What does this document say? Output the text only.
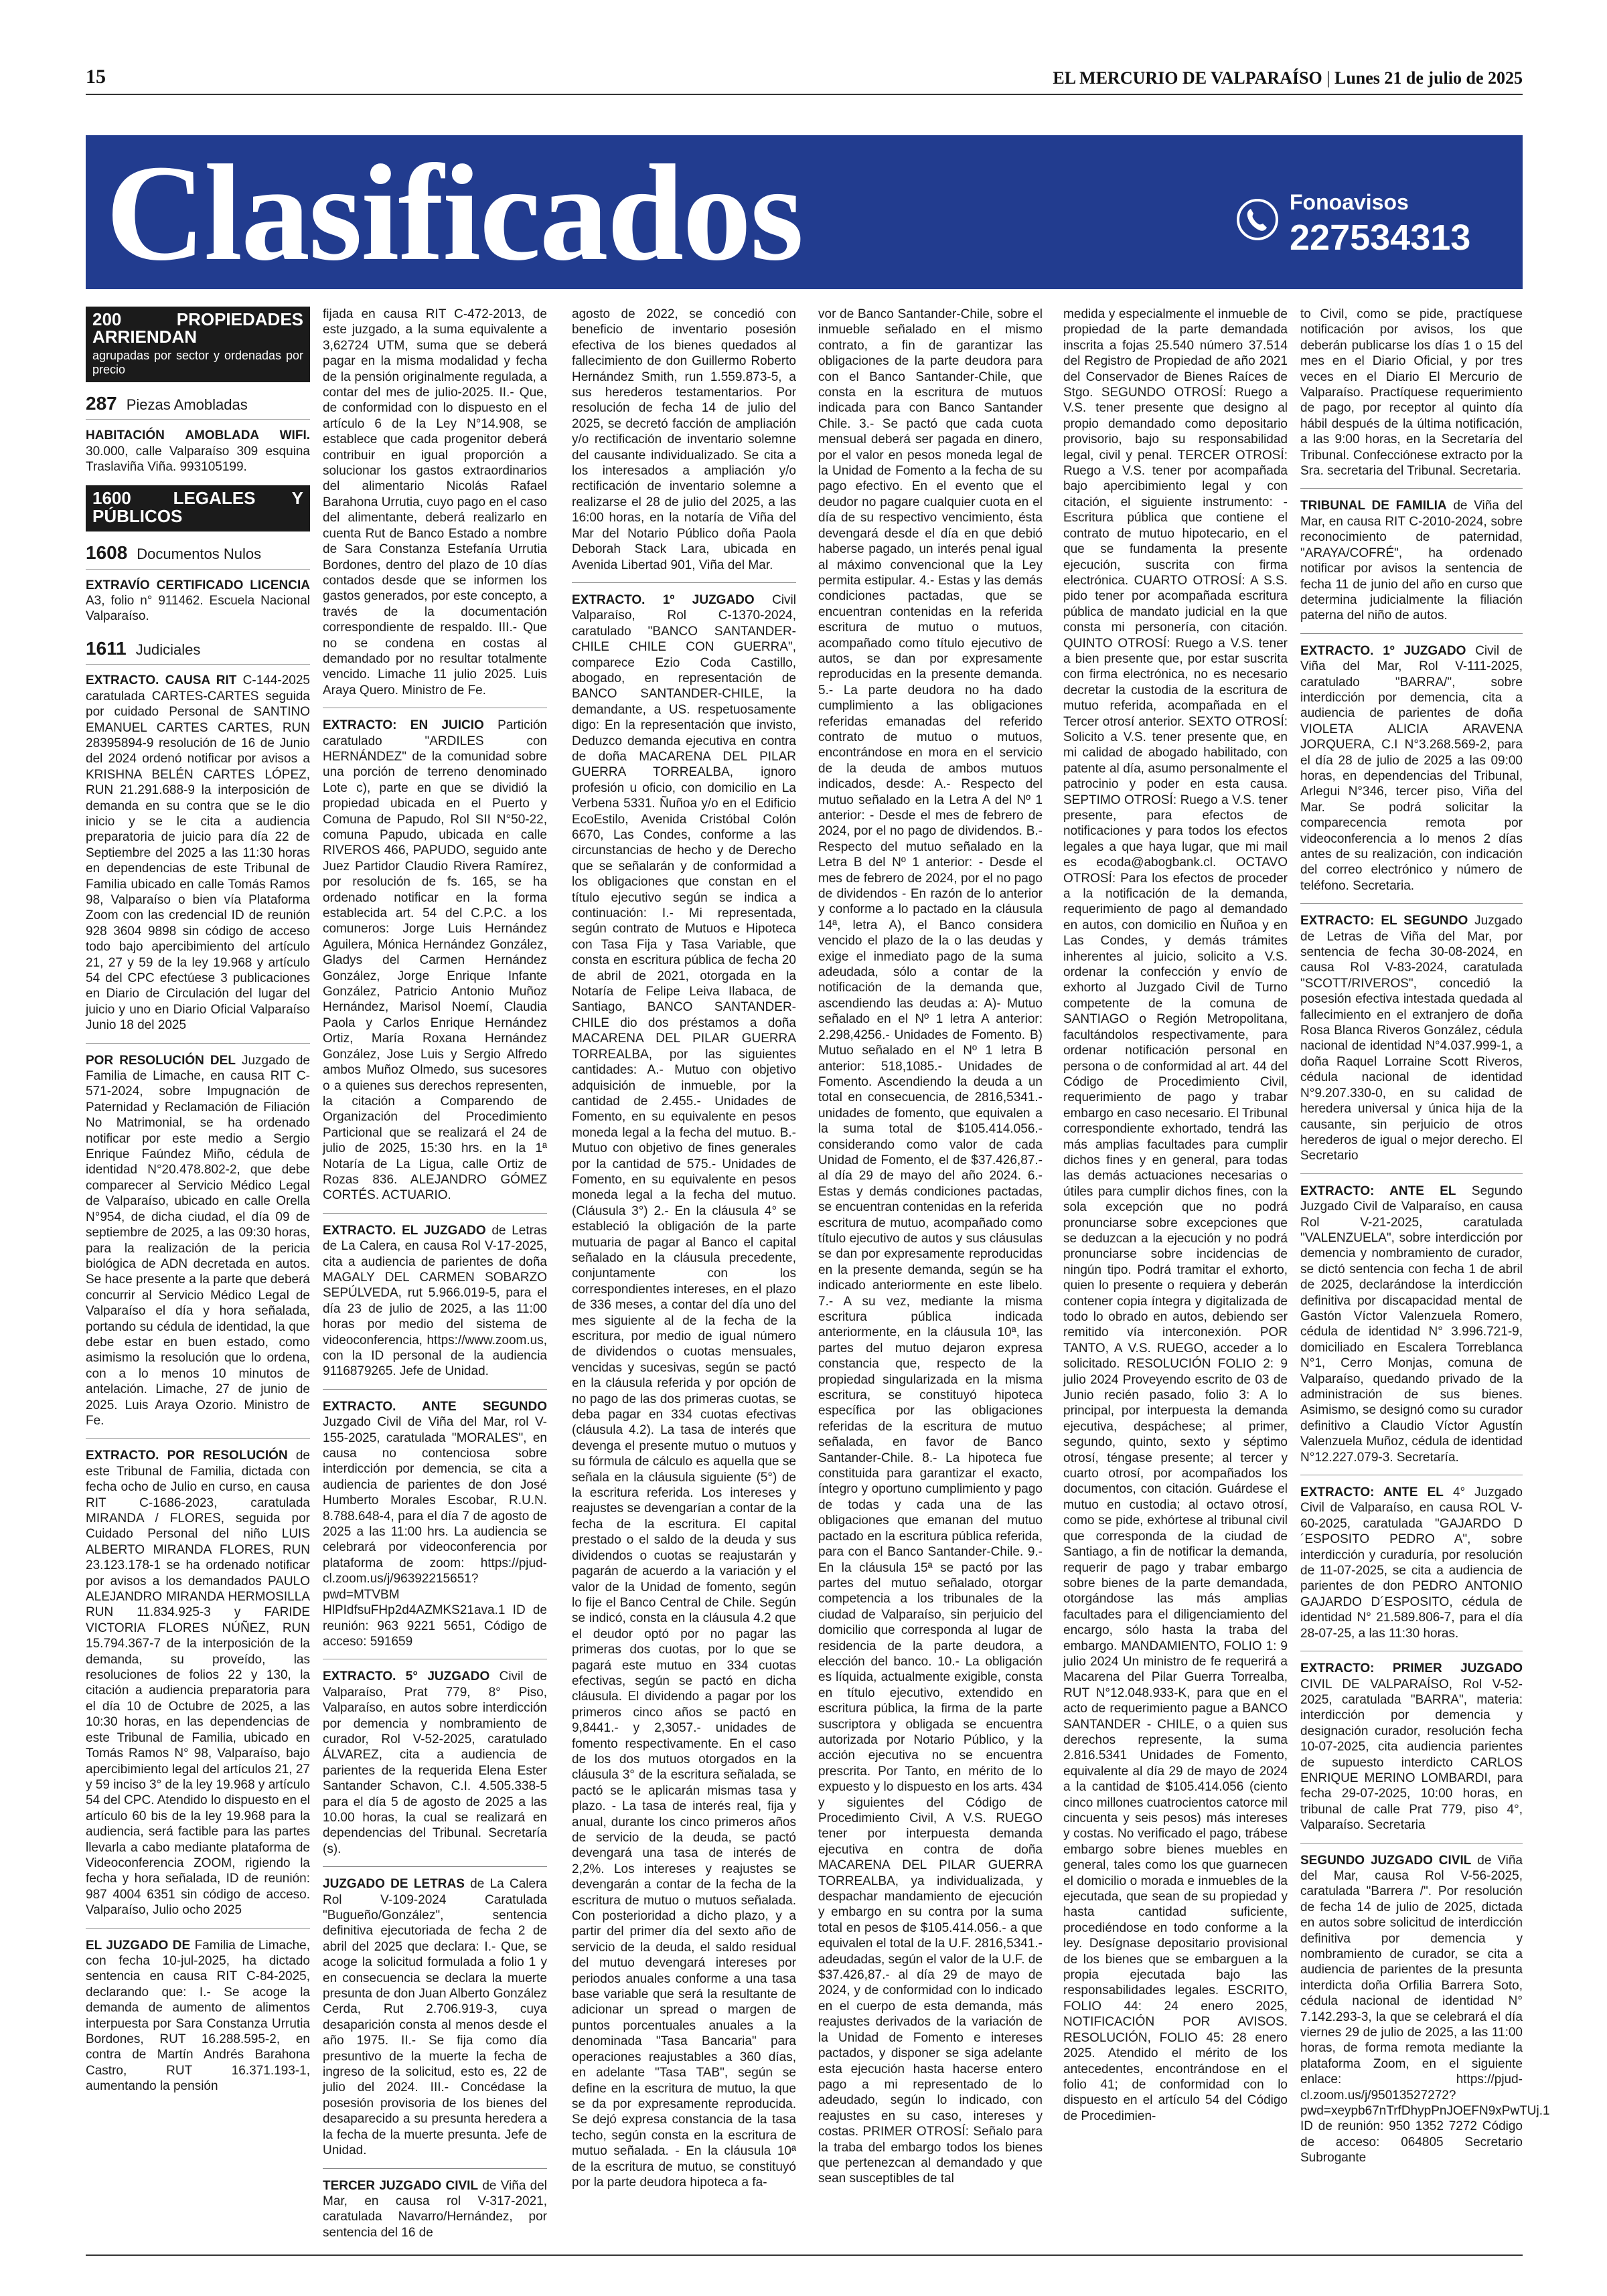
15	EL MERCURIO DE VALPARAÍSO | Lunes 21 de julio de 2025
Clasificados	Fonoavisos
227534313
200	PROPIEDADES ARRIENDAN
agrupadas por sector y ordenadas por precio
287 Piezas Amobladas
HABITACIÓN AMOBLADA WIFI. 30.000, calle Valparaíso 309 esquina Traslaviña Viña. 993105199.
1600 LEGALES Y PÚBLICOS
1608 Documentos Nulos
EXTRAVÍO CERTIFICADO LICENCIA A3, folio n° 911462. Escuela Nacional Valparaíso.
1611 Judiciales

EXTRACTO. CAUSA RIT C-144-2025 caratulada CARTES-CARTES seguida por cuidado Personal de SANTINO EMANUEL CARTES CARTES, RUN 28395894-9 resolución de 16 de Junio del 2024 ordenó notificar por avisos a KRISHNA BELÉN CARTES LÓPEZ, RUN 21.291.688-9 la interposición de demanda en su contra que se le dio inicio y se le cita a audiencia preparatoria de juicio para día 22 de Septiembre del 2025 a las 11:30 horas en dependencias de este Tribunal de Familia ubicado en calle Tomás Ramos 98, Valparaíso o bien vía Plataforma Zoom con las credencial ID de reunión 928 3604 9898 sin código de acceso todo bajo apercibimiento del artículo 21, 27 y 59 de la ley 19.968 y artículo 54 del CPC efectúese 3 publicaciones en Diario de Circulación del lugar del juicio y uno en Diario Oficial Valparaíso Junio 18 del 2025

POR RESOLUCIÓN DEL Juzgado de Familia de Limache, en causa RIT C-571-2024, sobre Impugnación de Paternidad y Reclamación de Filiación No Matrimonial, se ha ordenado notificar por este medio a Sergio Enrique Faúndez Miño, cédula de identidad N°20.478.802-2, que debe comparecer al Servicio Médico Legal de Valparaíso, ubicado en calle Orella N°954, de dicha ciudad, el día 09 de septiembre de 2025, a las 09:30 horas, para la realización de la pericia biológica de ADN decretada en autos. Se hace presente a la parte que deberá concurrir al Servicio Médico Legal de Valparaíso el día y hora señalada, portando su cédula de identidad, la que debe estar en buen estado, como asimismo la resolución que lo ordena, con a lo menos 10 minutos de antelación. Limache, 27 de junio de 2025. Luis Araya Ozorio. Ministro de Fe.

EXTRACTO. POR RESOLUCIÓN de este Tribunal de Familia, dictada con fecha ocho de Julio en curso, en causa RIT C-1686-2023, caratulada MIRANDA / FLORES, seguida por Cuidado Personal del niño LUIS ALBERTO MIRANDA FLORES, RUN 23.123.178-1 se ha ordenado notificar por avisos a los demandados PAULO ALEJANDRO MIRANDA HERMOSILLA RUN 11.834.925-3 y FARIDE VICTORIA FLORES NÚÑEZ, RUN 15.794.367-7 de la interposición de la demanda, su proveído, las resoluciones de folios 22 y 130, la citación a audiencia preparatoria para el día 10 de Octubre de 2025, a las 10:30 horas, en las dependencias de este Tribunal de Familia, ubicado en Tomás Ramos N° 98, Valparaíso, bajo apercibimiento legal del artículos 21, 27 y 59 inciso 3° de la ley 19.968 y artículo 54 del CPC. Atendido lo dispuesto en el artículo 60 bis de la ley 19.968 para la audiencia, será factible para las partes llevarla a cabo mediante plataforma de Videoconferencia ZOOM, rigiendo la fecha y hora señalada, ID de reunión: 987 4004 6351 sin código de acceso. Valparaíso, Julio ocho 2025

EL JUZGADO DE Familia de Limache, con fecha 10-jul-2025, ha dictado sentencia en causa RIT C-84-2025, declarando que: I.- Se acoge la demanda de aumento de alimentos interpuesta por Sara Constanza Urrutia Bordones, RUT 16.288.595-2, en contra de Martín Andrés Barahona Castro, RUT 16.371.193-1, aumentando la pensión

fijada en causa RIT C-472-2013, de este juzgado, a la suma equivalente a 3,62724 UTM, suma que se deberá pagar en la misma modalidad y fecha de la pensión originalmente regulada, a contar del mes de julio-2025. II.- Que, de conformidad con lo dispuesto en el artículo 6 de la Ley N°14.908, se establece que cada progenitor deberá contribuir en igual proporción a solucionar los gastos extraordinarios del alimentario Nicolás Rafael Barahona Urrutia, cuyo pago en el caso del alimentante, deberá realizarlo en cuenta Rut de Banco Estado a nombre de Sara Constanza Estefanía Urrutia Bordones, dentro del plazo de 10 días contados desde que se informen los gastos generados, por este concepto, a través de la documentación correspondiente de respaldo. III.- Que no se condena en costas al demandado por no resultar totalmente vencido. Limache 11 julio 2025. Luis Araya Quero. Ministro de Fe.

EXTRACTO: EN JUICIO Partición caratulado "ARDILES con HERNÁNDEZ" de la comunidad sobre una porción de terreno denominado Lote c), parte en que se dividió la propiedad ubicada en el Puerto y Comuna de Papudo, Rol SII N°50-22, comuna Papudo, ubicada en calle RIVEROS 466, PAPUDO, seguido ante Juez Partidor Claudio Rivera Ramírez, por resolución de fs. 165, se ha ordenado notificar en la forma establecida art. 54 del C.P.C. a los comuneros: Jorge Luis Hernández Aguilera, Mónica Hernández González, Gladys del Carmen Hernández González, Jorge Enrique Infante González, Patricio Antonio Muñoz Hernández, Marisol Noemí, Claudia Paola y Carlos Enrique Hernández Ortiz, María Roxana Hernández González, Jose Luis y Sergio Alfredo ambos Muñoz Olmedo, sus sucesores o a quienes sus derechos representen, la citación a Comparendo de Organización del Procedimiento Particional que se realizará el 24 de julio de 2025, 15:30 hrs. en la 1ª Notaría de La Ligua, calle Ortiz de Rozas 836. ALEJANDRO GÓMEZ CORTÉS. ACTUARIO.

EXTRACTO. EL JUZGADO de Letras de La Calera, en causa Rol V-17-2025, cita a audiencia de parientes de doña MAGALY DEL CARMEN SOBARZO SEPÚLVEDA, rut 5.966.019-5, para el día 23 de julio de 2025, a las 11:00 horas por medio del sistema de videoconferencia, https://www.zoom.us, con la ID personal de la audiencia 9116879265. Jefe de Unidad.

EXTRACTO. ANTE SEGUNDO Juzgado Civil de Viña del Mar, rol V-155-2025, caratulada "MORALES", en causa no contenciosa sobre interdicción por demencia, se cita a audiencia de parientes de don José Humberto Morales Escobar, R.U.N. 8.788.648-4, para el día 7 de agosto de 2025 a las 11:00 hrs. La audiencia se celebrará por videoconferencia por plataforma de zoom: https://pjud-cl.zoom.us/j/96392215651?pwd=MTVBM HlPIdfsuFHp2d4AZMKS21ava.1 ID de reunión: 963 9221 5651, Código de acceso: 591659

EXTRACTO. 5° JUZGADO Civil de Valparaíso, Prat 779, 8° Piso, Valparaíso, en autos sobre interdicción por demencia y nombramiento de curador, Rol V-52-2025, caratulado ÁLVAREZ, cita a audiencia de parientes de la requerida Elena Ester Santander Schavon, C.I. 4.505.338-5 para el día 5 de agosto de 2025 a las 10.00 horas, la cual se realizará en dependencias del Tribunal. Secretaría (s).

JUZGADO DE LETRAS de La Calera Rol V-109-2024 Caratulada "Bugueño/González", sentencia definitiva ejecutoriada de fecha 2 de abril del 2025 que declara: I.- Que, se acoge la solicitud formulada a folio 1 y en consecuencia se declara la muerte presunta de don Juan Alberto González Cerda, Rut 2.706.919-3, cuya desaparición consta al menos desde el año 1975. II.- Se fija como día presuntivo de la muerte la fecha de ingreso de la solicitud, esto es, 22 de julio del 2024. III.- Concédase la posesión provisoria de los bienes del desaparecido a su presunta heredera a la fecha de la muerte presunta. Jefe de Unidad.

TERCER JUZGADO CIVIL de Viña del Mar, en causa rol V-317-2021, caratulada Navarro/Hernández, por sentencia del 16 de

agosto de 2022, se concedió con beneficio de inventario posesión efectiva de los bienes quedados al fallecimiento de don Guillermo Roberto Hernández Smith, run 1.559.873-5, a sus herederos testamentarios. Por resolución de fecha 14 de julio del 2025, se decretó facción de ampliación y/o rectificación de inventario solemne del causante individualizado. Se cita a los interesados a ampliación y/o rectificación de inventario solemne a realizarse el 28 de julio del 2025, a las 16:00 horas, en la notaría de Viña del Mar del Notario Público doña Paola Deborah Stack Lara, ubicada en Avenida Libertad 901, Viña del Mar.

EXTRACTO. 1º JUZGADO Civil Valparaíso, Rol C-1370-2024, caratulado "BANCO SANTANDER-CHILE CHILE CON GUERRA", comparece Ezio Coda Castillo, abogado, en representación de BANCO SANTANDER-CHILE, la demandante, a US. respetuosamente digo: En la representación que invisto, Deduzco demanda ejecutiva en contra de doña MACARENA DEL PILAR GUERRA TORREALBA, ignoro profesión u oficio, con domicilio en La Verbena 5331. Ñuñoa y/o en el Edificio EcoEstilo, Avenida Cristóbal Colón 6670, Las Condes, conforme a las circunstancias de hecho y de Derecho que se señalarán y de conformidad a los obligaciones que constan en el título ejecutivo según se indica a continuación: I.- Mi representada, según contrato de Mutuos e Hipoteca con Tasa Fija y Tasa Variable, que consta en escritura pública de fecha 20 de abril de 2021, otorgada en la Notaría de Felipe Leiva Ilabaca, de Santiago, BANCO SANTANDER-CHILE dio dos préstamos a doña MACARENA DEL PILAR GUERRA TORREALBA, por las siguientes cantidades: A.- Mutuo con objetivo adquisición de inmueble, por la cantidad de 2.455.- Unidades de Fomento, en su equivalente en pesos moneda legal a la fecha del mutuo. B.- Mutuo con objetivo de fines generales por la cantidad de 575.- Unidades de Fomento, en su equivalente en pesos moneda legal a la fecha del mutuo. (Cláusula 3°) 2.- En la cláusula 4° se estableció la obligación de la parte mutuaria de pagar al Banco el capital señalado en la cláusula precedente, conjuntamente con los correspondientes intereses, en el plazo de 336 meses, a contar del día uno del mes siguiente al de la fecha de la escritura, por medio de igual número de dividendos o cuotas mensuales, vencidas y sucesivas, según se pactó en la cláusula referida y por opción de no pago de las dos primeras cuotas, se deba pagar en 334 cuotas efectivas (cláusula 4.2). La tasa de interés que devenga el presente mutuo o mutuos y su fórmula de cálculo es aquella que se señala en la cláusula siguiente (5°) de la escritura referida. Los intereses y reajustes se devengarían a contar de la fecha de la escritura. El capital prestado o el saldo de la deuda y sus dividendos o cuotas se reajustarán y pagarán de acuerdo a la variación y el valor de la Unidad de fomento, según lo fije el Banco Central de Chile. Según se indicó, consta en la cláusula 4.2 que el deudor optó por no pagar las primeras dos cuotas, por lo que se pagará este mutuo en 334 cuotas efectivas, según se pactó en dicha cláusula. El dividendo a pagar por los primeros cinco años se pactó en 9,8441.- y 2,3057.- unidades de fomento respectivamente. En el caso de los dos mutuos otorgados en la cláusula 3° de la escritura señalada, se pactó se le aplicarán mismas tasa y plazo. - La tasa de interés real, fija y anual, durante los cinco primeros años de servicio de la deuda, se pactó devengará una tasa de interés de 2,2%. Los intereses y reajustes se devengarán a contar de la fecha de la escritura de mutuo o mutuos señalada. Con posterioridad a dicho plazo, y a partir del primer día del sexto año de servicio de la deuda, el saldo residual del mutuo devengará intereses por periodos anuales conforme a una tasa base variable que será la resultante de adicionar un spread o margen de puntos porcentuales anuales a la denominada "Tasa Bancaria" para operaciones reajustables a 360 días, en adelante "Tasa TAB", según se define en la escritura de mutuo, la que se da por expresamente reproducida. Se dejó expresa constancia de la tasa techo, según consta en la escritura de mutuo señalada. - En la cláusula 10ª de la escritura de mutuo, se constituyó por la parte deudora hipoteca a fa-

vor de Banco Santander-Chile, sobre el inmueble señalado en el mismo contrato, a fin de garantizar las obligaciones de la parte deudora para con el Banco Santander-Chile, que consta en la escritura de mutuos indicada para con Banco Santander Chile. 3.- Se pactó que cada cuota mensual deberá ser pagada en dinero, por el valor en pesos moneda legal de la Unidad de Fomento a la fecha de su pago efectivo. En el evento que el deudor no pagare cualquier cuota en el día de su respectivo vencimiento, ésta devengará desde el día en que debió haberse pagado, un interés penal igual al máximo convencional que la Ley permita estipular. 4.- Estas y las demás condiciones pactadas, que se encuentran contenidas en la referida escritura de mutuo o mutuos, acompañado como título ejecutivo de autos, se dan por expresamente reproducidas en la presente demanda. 5.- La parte deudora no ha dado cumplimiento a las obligaciones referidas emanadas del referido contrato de mutuo o mutuos, encontrándose en mora en el servicio de la deuda de ambos mutuos indicados, desde: A.- Respecto del mutuo señalado en la Letra A del Nº 1 anterior: - Desde el mes de febrero de 2024, por el no pago de dividendos. B.- Respecto del mutuo señalado en la Letra B del Nº 1 anterior: - Desde el mes de febrero de 2024, por el no pago de dividendos - En razón de lo anterior y conforme a lo pactado en la cláusula 14ª, letra A), el Banco considera vencido el plazo de la o las deudas y exige el inmediato pago de la suma adeudada, sólo a contar de la notificación de la demanda que, ascendiendo las deudas a: A)- Mutuo señalado en el Nº 1 letra A anterior: 2.298,4256.- Unidades de Fomento. B) Mutuo señalado en el Nº 1 letra B anterior: 518,1085.- Unidades de Fomento. Ascendiendo la deuda a un total en consecuencia, de 2816,5341.- unidades de fomento, que equivalen a la suma total de $105.414.056.- considerando como valor de cada Unidad de Fomento, el de $37.426,87.- al día 29 de mayo del año 2024. 6.- Estas y demás condiciones pactadas, se encuentran contenidas en la referida escritura de mutuo, acompañado como título ejecutivo de autos y sus cláusulas se dan por expresamente reproducidas en la presente demanda, según se ha indicado anteriormente en este libelo. 7.- A su vez, mediante la misma escritura pública indicada anteriormente, en la cláusula 10ª, las partes del mutuo dejaron expresa constancia que, respecto de la propiedad singularizada en la misma escritura, se constituyó hipoteca específica por las obligaciones referidas de la escritura de mutuo señalada, en favor de Banco Santander-Chile. 8.- La hipoteca fue constituida para garantizar el exacto, íntegro y oportuno cumplimiento y pago de todas y cada una de las obligaciones que emanan del mutuo pactado en la escritura pública referida, para con el Banco Santander-Chile. 9.- En la cláusula 15ª se pactó por las partes del mutuo señalado, otorgar competencia a los tribunales de la ciudad de Valparaíso, sin perjuicio del domicilio que corresponda al lugar de residencia de la parte deudora, a elección del banco. 10.- La obligación es líquida, actualmente exigible, consta en título ejecutivo, extendido en escritura pública, la firma de la parte suscriptora y obligada se encuentra autorizada por Notario Público, y la acción ejecutiva no se encuentra prescrita. Por Tanto, en mérito de lo expuesto y lo dispuesto en los arts. 434 y siguientes del Código de Procedimiento Civil, A V.S. RUEGO tener por interpuesta demanda ejecutiva en contra de doña MACARENA DEL PILAR GUERRA TORREALBA, ya individualizada, y despachar mandamiento de ejecución y embargo en su contra por la suma total en pesos de $105.414.056.- a que equivalen el total de la U.F. 2816,5341.- adeudadas, según el valor de la U.F. de $37.426,87.- al día 29 de mayo de 2024, y de conformidad con lo indicado en el cuerpo de esta demanda, más reajustes derivados de la variación de la Unidad de Fomento e intereses pactados, y disponer se siga adelante esta ejecución hasta hacerse entero pago a mi representado de lo adeudado, según lo indicado, con reajustes en su caso, intereses y costas. PRIMER OTROSÍ: Señalo para la traba del embargo todos los bienes que pertenezcan al demandado y que sean susceptibles de tal

medida y especialmente el inmueble de propiedad de la parte demandada inscrita a fojas 25.540 número 37.514 del Registro de Propiedad de año 2021 del Conservador de Bienes Raíces de Stgo. SEGUNDO OTROSÍ: Ruego a V.S. tener presente que designo al propio demandado como depositario provisorio, bajo su responsabilidad legal, civil y penal. TERCER OTROSÍ: Ruego a V.S. tener por acompañada bajo apercibimiento legal y con citación, el siguiente instrumento: - Escritura pública que contiene el contrato de mutuo hipotecario, en el que se fundamenta la presente ejecución, suscrita con firma electrónica. CUARTO OTROSÍ: A S.S. pido tener por acompañada escritura pública de mandato judicial en la que consta mi personería, con citación. QUINTO OTROSÍ: Ruego a V.S. tener a bien presente que, por estar suscrita con firma electrónica, no es necesario decretar la custodia de la escritura de mutuo referida, acompañada en el Tercer otrosí anterior. SEXTO OTROSÍ: Solicito a V.S. tener presente que, en mi calidad de abogado habilitado, con patente al día, asumo personalmente el patrocinio y poder en esta causa. SEPTIMO OTROSÍ: Ruego a V.S. tener presente, para efectos de notificaciones y para todos los efectos legales a que haya lugar, que mi mail es ecoda@abogbank.cl. OCTAVO OTROSÍ: Para los efectos de proceder a la notificación de la demanda, requerimiento de pago al demandado en autos, con domicilio en Ñuñoa y en Las Condes, y demás trámites inherentes al juicio, solicito a V.S. ordenar la confección y envío de exhorto al Juzgado Civil de Turno competente de la comuna de SANTIAGO o Región Metropolitana, facultándolos respectivamente, para ordenar notificación personal en persona o de conformidad al art. 44 del Código de Procedimiento Civil, requerimiento de pago y trabar embargo en caso necesario. El Tribunal correspondiente exhortado, tendrá las más amplias facultades para cumplir dichos fines y en general, para todas las demás actuaciones necesarias o útiles para cumplir dichos fines, con la sola excepción que no podrá pronunciarse sobre excepciones que se deduzcan a la ejecución y no podrá pronunciarse sobre incidencias de ningún tipo. Podrá tramitar el exhorto, quien lo presente o requiera y deberán contener copia íntegra y digitalizada de todo lo obrado en autos, debiendo ser remitido vía interconexión. POR TANTO, A V.S. RUEGO, acceder a lo solicitado. RESOLUCIÓN FOLIO 2: 9 julio 2024 Proveyendo escrito de 03 de Junio recién pasado, folio 3: A lo principal, por interpuesta la demanda ejecutiva, despáchese; al primer, segundo, quinto, sexto y séptimo otrosí, téngase presente; al tercer y cuarto otrosí, por acompañados los documentos, con citación. Guárdese el mutuo en custodia; al octavo otrosí, como se pide, exhórtese al tribunal civil que corresponda de la ciudad de Santiago, a fin de notificar la demanda, requerir de pago y trabar embargo sobre bienes de la parte demandada, otorgándose las más amplias facultades para el diligenciamiento del encargo, sólo hasta la traba del embargo. MANDAMIENTO, FOLIO 1: 9 julio 2024 Un ministro de fe requerirá a Macarena del Pilar Guerra Torrealba, RUT N°12.048.933-K, para que en el acto de requerimiento pague a BANCO SANTANDER - CHILE, o a quien sus derechos represente, la suma 2.816.5341 Unidades de Fomento, equivalente al día 29 de mayo de 2024 a la cantidad de $105.414.056 (ciento cinco millones cuatrocientos catorce mil cincuenta y seis pesos) más intereses y costas. No verificado el pago, trábese embargo sobre bienes muebles en general, tales como los que guarnecen el domicilio o morada e inmuebles de la ejecutada, que sean de su propiedad y hasta cantidad suficiente, procediéndose en todo conforme a la ley. Desígnase depositario provisional de los bienes que se embarguen a la propia ejecutada bajo las responsabilidades legales. ESCRITO, FOLIO 44: 24 enero 2025, NOTIFICACIÓN POR AVISOS. RESOLUCIÓN, FOLIO 45: 28 enero 2025. Atendido el mérito de los antecedentes, encontrándose en el folio 41; de conformidad con lo dispuesto en el artículo 54 del Código de Procedimien-

to Civil, como se pide, practíquese notificación por avisos, los que deberán publicarse los días 1 o 15 del mes en el Diario Oficial, y por tres veces en el Diario El Mercurio de Valparaíso. Practíquese requerimiento de pago, por receptor al quinto día hábil después de la última notificación, a las 9:00 horas, en la Secretaría del Tribunal. Confecciónese extracto por la Sra. secretaria del Tribunal. Secretaria.

TRIBUNAL DE FAMILIA de Viña del Mar, en causa RIT C-2010-2024, sobre reconocimiento de paternidad, "ARAYA/COFRÉ", ha ordenado notificar por avisos la sentencia de fecha 11 de junio del año en curso que determina judicialmente la filiación paterna del niño de autos.

EXTRACTO. 1º JUZGADO Civil de Viña del Mar, Rol V-111-2025, caratulado "BARRA/", sobre interdicción por demencia, cita a audiencia de parientes de doña VIOLETA ALICIA ARAVENA JORQUERA, C.I N°3.268.569-2, para el día 28 de julio de 2025 a las 09:00 horas, en dependencias del Tribunal, Arlegui N°346, tercer piso, Viña del Mar. Se podrá solicitar la comparecencia remota por videoconferencia a lo menos 2 días antes de su realización, con indicación del correo electrónico y número de teléfono. Secretaria.

EXTRACTO: EL SEGUNDO Juzgado de Letras de Viña del Mar, por sentencia de fecha 30-08-2024, en causa Rol V-83-2024, caratulada "SCOTT/RIVEROS", concedió la posesión efectiva intestada quedada al fallecimiento en el extranjero de doña Rosa Blanca Riveros González, cédula nacional de identidad N°4.037.999-1, a doña Raquel Lorraine Scott Riveros, cédula nacional de identidad N°9.207.330-0, en su calidad de heredera universal y única hija de la causante, sin perjuicio de otros herederos de igual o mejor derecho. El Secretario

EXTRACTO: ANTE EL Segundo Juzgado Civil de Valparaíso, en causa Rol V-21-2025, caratulada "VALENZUELA", sobre interdicción por demencia y nombramiento de curador, se dictó sentencia con fecha 1 de abril de 2025, declarándose la interdicción definitiva por discapacidad mental de Gastón Víctor Valenzuela Romero, cédula de identidad N° 3.996.721-9, domiciliado en Escalera Torreblanca N°1, Cerro Monjas, comuna de Valparaíso, quedando privado de la administración de sus bienes. Asimismo, se designó como su curador definitivo a Claudio Víctor Agustín Valenzuela Muñoz, cédula de identidad N°12.227.079-3. Secretaría.

EXTRACTO: ANTE EL 4° Juzgado Civil de Valparaíso, en causa ROL V- 60-2025, caratulada "GAJARDO D´ESPOSITO PEDRO A", sobre interdicción y curaduría, por resolución de 11-07-2025, se cita a audiencia de parientes de don PEDRO ANTONIO GAJARDO D´ESPOSITO, cédula de identidad N° 21.589.806-7, para el día 28-07-25, a las 11:30 horas.

EXTRACTO: PRIMER JUZGADO CIVIL DE VALPARAÍSO, Rol V-52-2025, caratulada "BARRA", materia: interdicción por demencia y designación curador, resolución fecha 10-07-2025, cita audiencia parientes de supuesto interdicto CARLOS ENRIQUE MERINO LOMBARDI, para fecha 29-07-2025, 10:00 horas, en tribunal de calle Prat 779, piso 4°, Valparaíso. Secretaria

SEGUNDO JUZGADO CIVIL de Viña del Mar, causa Rol V-56-2025, caratulada "Barrera /". Por resolución de fecha 14 de julio de 2025, dictada en autos sobre solicitud de interdicción definitiva por demencia y nombramiento de curador, se cita a audiencia de parientes de la presunta interdicta doña Orfilia Barrera Soto, cédula nacional de identidad N° 7.142.293-3, la que se celebrará el día viernes 29 de julio de 2025, a las 11:00 horas, de forma remota mediante la plataforma Zoom, en el siguiente enlace: https://pjud-cl.zoom.us/j/95013527272?pwd=xeypb67nTrfDhypPnJOEFN9xPwTUj.1 ID de reunión: 950 1352 7272 Código de acceso: 064805 Secretario Subrogante
